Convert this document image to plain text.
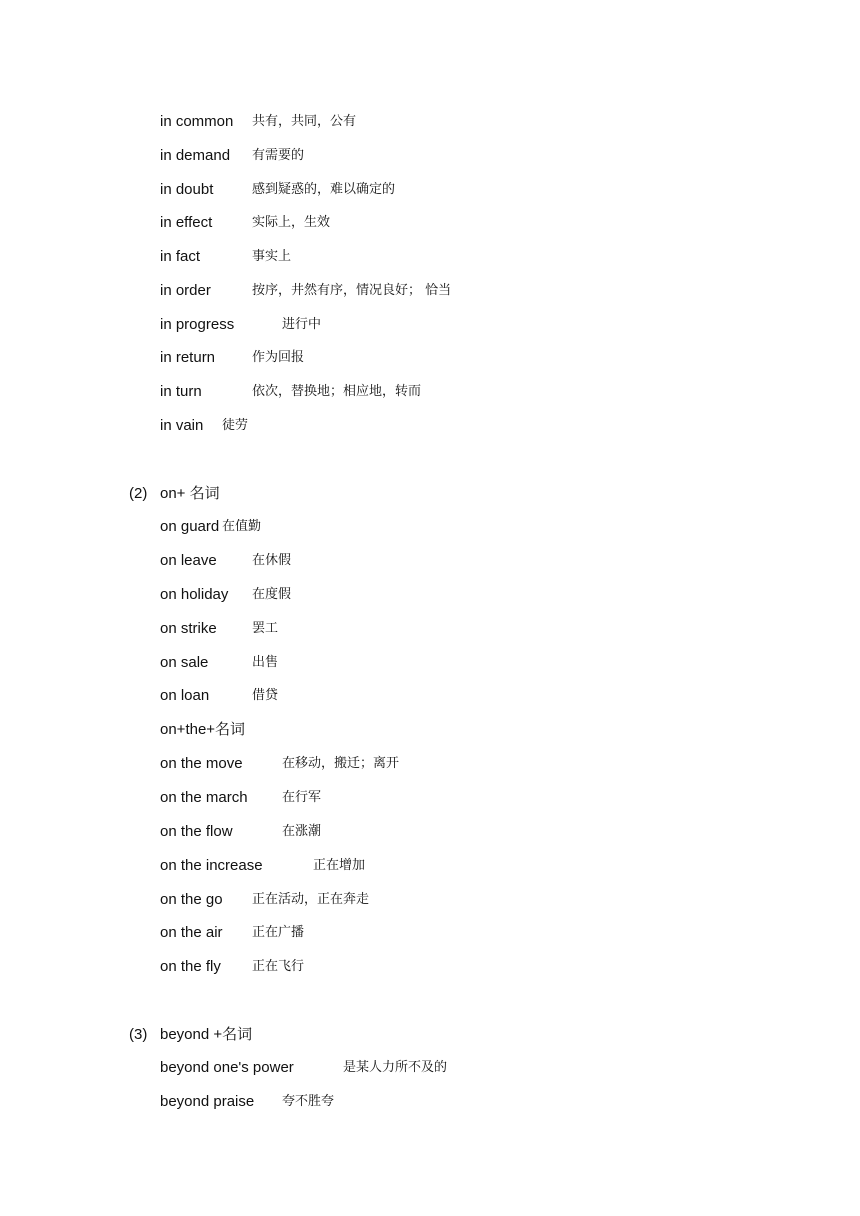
in common 共有，共同，公有
in demand 有需要的
in doubt	感到疑惑的，难以确定的
in effect	实际上，生效
in fact	事实上
in order	按序，井然有序，情况良好； 恰当
in progress	进行中
in return	作为回报
in turn	依次，替换地；相应地，转而
in vain 徒劳
(2) on+ 名词
on guard 在值勤
on leave	在休假
on holiday 在度假
on strike	罢工
on sale	出售
on loan	借贷
on+the+名词
on the move	在移动，搬迁；离开
on the march	在行军
on the flow	在涨潮
on the increase	正在增加
on the go 正在活动，正在奔走
on the air 正在广播
on the fly 正在飞行
(3) beyond +名词
beyond one's power	是某人力所不及的
beyond praise 夸不胜夸
